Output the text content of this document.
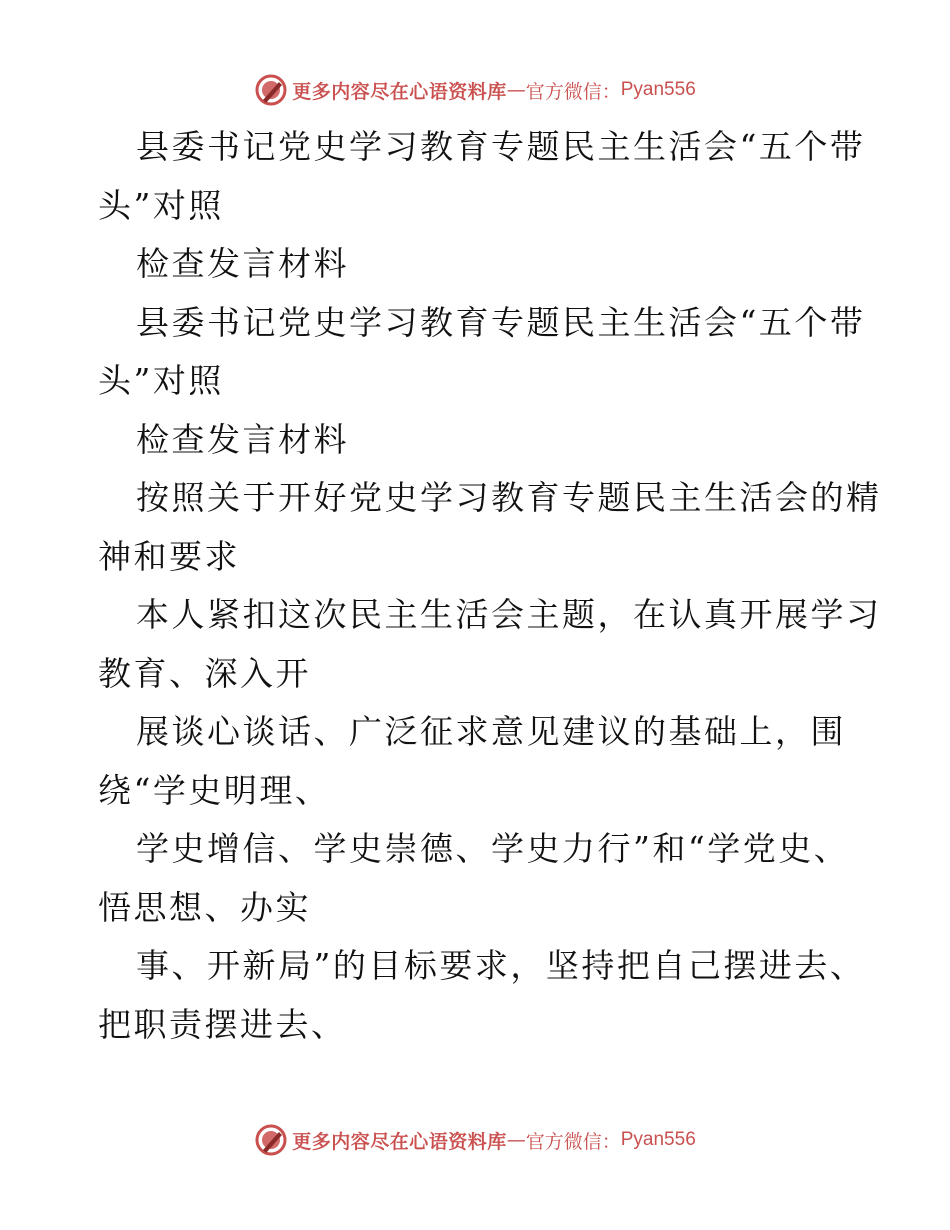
更多内容尽在心语资料库 — 官方微信： Pyan556
县委书记党史学习教育专题民主生活会“五个带
头”对照
检查发言材料
县委书记党史学习教育专题民主生活会“五个带
头”对照
检查发言材料
按照关于开好党史学习教育专题民主生活会的精
神和要求
本人紧扣这次民主生活会主题，在认真开展学习
教育、深入开
展谈心谈话、广泛征求意见建议的基础上，围
绕“学史明理、
学史增信、学史崇德、学史力行”和“学党史、
悟思想、办实
事、开新局”的目标要求，坚持把自己摆进去、
把职责摆进去、
更多内容尽在心语资料库 — 官方微信： Pyan556
